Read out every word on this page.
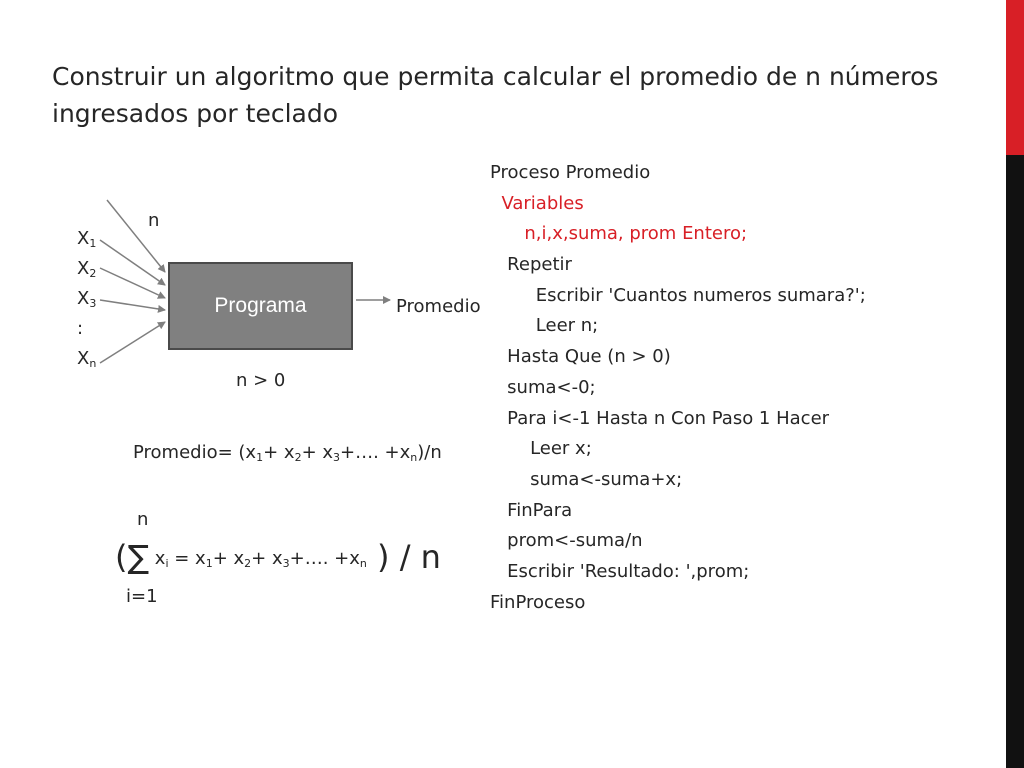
Construir un algoritmo que permita calcular el promedio de n números ingresados por teclado
n
$X_1$
$X_2$
$X_3$
:
$X_n$
Programa	Promedio
n > 0
Promedio= ($x_1+ x_2+$ $x_3+\dots$. $+x_n)/n$
n
(∑ $x_i = x_1+ x_2+$ $x_3+\dots$. $+x_n$ ) / n
i=1
Proceso Promedio
Variables
n,i,x,suma, prom Entero;
Repetir
Escribir 'Cuantos numeros sumara?';
Leer n;
Hasta Que (n > 0)
suma<-0;
Para i<-1 Hasta n Con Paso 1 Hacer
Leer x;
suma<-suma+x;
FinPara
prom<-suma/n
Escribir 'Resultado: ',prom;
FinProceso
